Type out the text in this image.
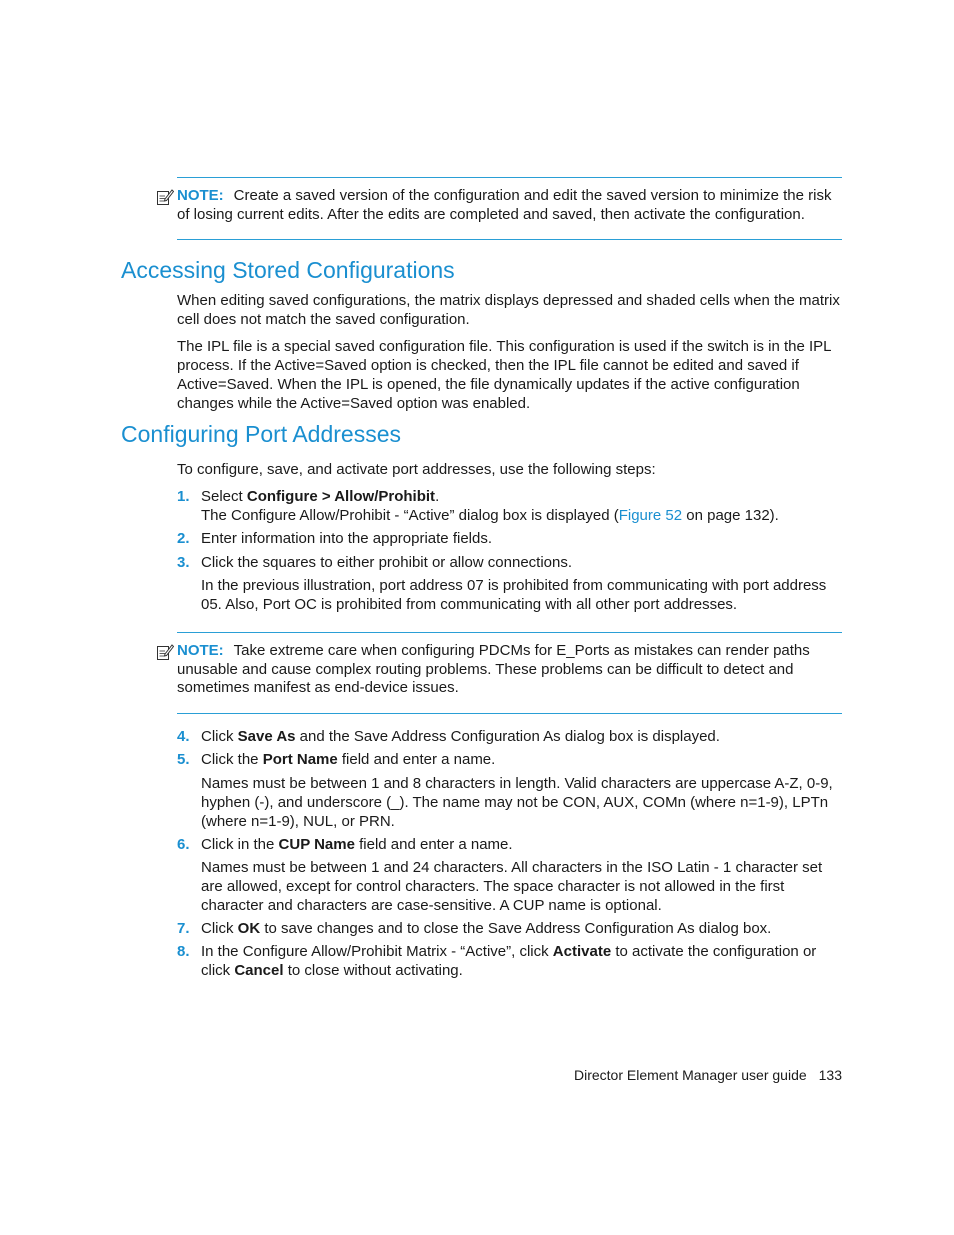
NOTE: Create a saved version of the configuration and edit the saved version to minimize the risk of losing current edits. After the edits are completed and saved, then activate the configuration.
Accessing Stored Configurations

When editing saved configurations, the matrix displays depressed and shaded cells when the matrix cell does not match the saved configuration.

The IPL file is a special saved configuration file. This configuration is used if the switch is in the IPL process. If the Active=Saved option is checked, then the IPL file cannot be edited and saved if Active=Saved. When the IPL is opened, the file dynamically updates if the active configuration changes while the Active=Saved option was enabled.

Configuring Port Addresses

To configure, save, and activate port addresses, use the following steps:

1. Select Configure > Allow/Prohibit.
The Configure Allow/Prohibit - “Active” dialog box is displayed (Figure 52 on page 132).
2. Enter information into the appropriate fields.
3. Click the squares to either prohibit or allow connections.
In the previous illustration, port address 07 is prohibited from communicating with port address 05. Also, Port OC is prohibited from communicating with all other port addresses.
NOTE: Take extreme care when configuring PDCMs for E_Ports as mistakes can render paths unusable and cause complex routing problems. These problems can be difficult to detect and sometimes manifest as end-device issues.
4. Click Save As and the Save Address Configuration As dialog box is displayed.
5. Click the Port Name field and enter a name.
Names must be between 1 and 8 characters in length. Valid characters are uppercase A-Z, 0-9, hyphen (-), and underscore (_). The name may not be CON, AUX, COMn (where n=1-9), LPTn (where n=1-9), NUL, or PRN.
6. Click in the CUP Name field and enter a name.
Names must be between 1 and 24 characters. All characters in the ISO Latin - 1 character set are allowed, except for control characters. The space character is not allowed in the first character and characters are case-sensitive. A CUP name is optional.
7. Click OK to save changes and to close the Save Address Configuration As dialog box.
8. In the Configure Allow/Prohibit Matrix - “Active”, click Activate to activate the configuration or click Cancel to close without activating.
Director Element Manager user guide 133
